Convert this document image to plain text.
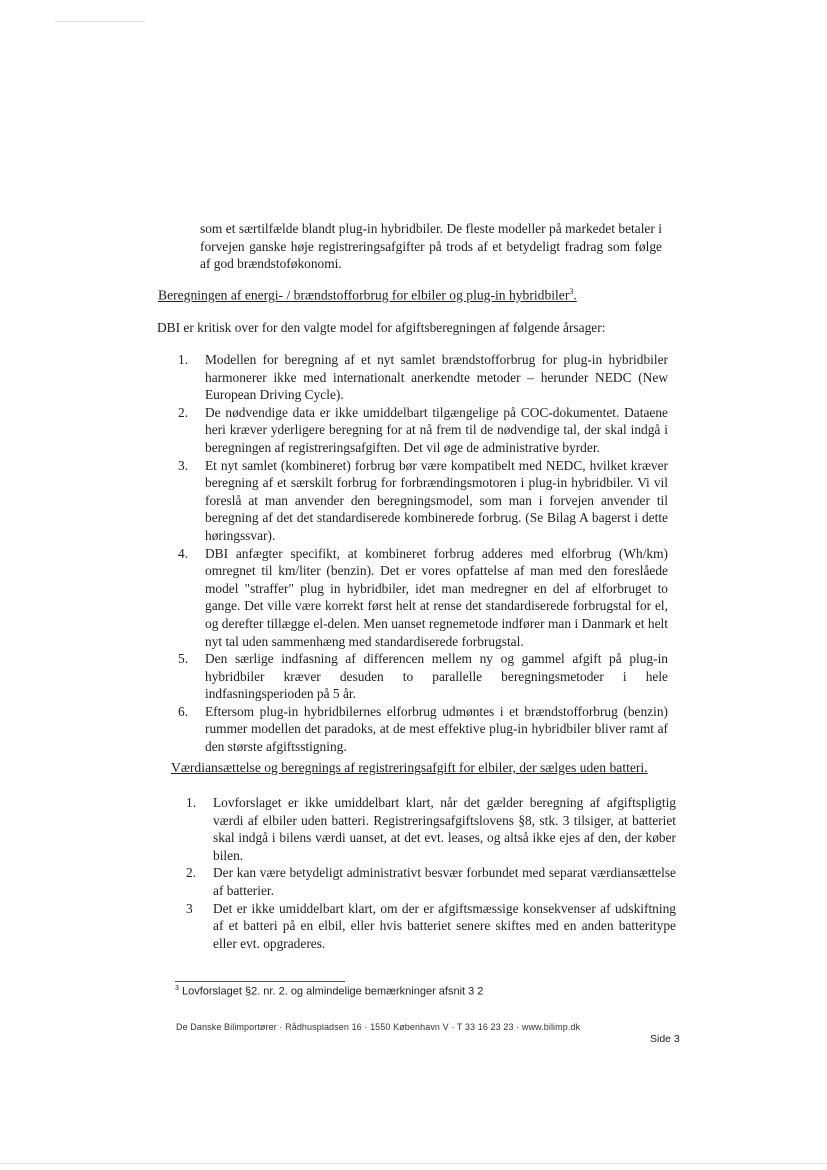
som et særtilfælde blandt plug-in hybridbiler. De fleste modeller på markedet betaler i forvejen ganske høje registreringsafgifter på trods af et betydeligt fradrag som følge af god brændstoføkonomi.

Beregningen af energi- / brændstofforbrug for elbiler og plug-in hybridbiler$^3$.

DBI er kritisk over for den valgte model for afgiftsberegningen af følgende årsager:

1.	Modellen for beregning af et nyt samlet brændstofforbrug for plug-in hybridbiler harmonerer ikke med internationalt anerkendte metoder – herunder NEDC (New European Driving Cycle).
2.	De nødvendige data er ikke umiddelbart tilgængelige på COC-dokumentet. Dataene heri kræver yderligere beregning for at nå frem til de nødvendige tal, der skal indgå i beregningen af registreringsafgiften. Det vil øge de administrative byrder.
3.	Et nyt samlet (kombineret) forbrug bør være kompatibelt med NEDC, hvilket kræver beregning af et særskilt forbrug for forbrændingsmotoren i plug-in hybridbiler. Vi vil foreslå at man anvender den beregningsmodel, som man i forvejen anvender til beregning af det det standardiserede kombinerede forbrug. (Se Bilag A bagerst i dette høringssvar).
4.	DBI anfægter specifikt, at kombineret forbrug adderes med elforbrug (Wh/km) omregnet til km/liter (benzin). Det er vores opfattelse af man med den foreslåede model "straffer" plug in hybridbiler, idet man medregner en del af elforbruget to gange. Det ville være korrekt først helt at rense det standardiserede forbrugstal for el, og derefter tillægge el-delen. Men uanset regnemetode indfører man i Danmark et helt nyt tal uden sammenhæng med standardiserede forbrugstal.
5.	Den særlige indfasning af differencen mellem ny og gammel afgift på plug-in hybridbiler kræver desuden to parallelle beregningsmetoder i hele indfasningsperioden på 5 år.
6.	Eftersom plug-in hybridbilernes elforbrug udmøntes i et brændstofforbrug (benzin) rummer modellen det paradoks, at de mest effektive plug-in hybridbiler bliver ramt af den største afgiftsstigning.

Værdiansættelse og beregnings af registreringsafgift for elbiler, der sælges uden batteri.

1.	Lovforslaget er ikke umiddelbart klart, når det gælder beregning af afgiftspligtig værdi af elbiler uden batteri. Registreringsafgiftslovens §8, stk. 3 tilsiger, at batteriet skal indgå i bilens værdi uanset, at det evt. leases, og altså ikke ejes af den, der køber bilen.
2.	Der kan være betydeligt administrativt besvær forbundet med separat værdiansættelse af batterier.
3	Det er ikke umiddelbart klart, om der er afgiftsmæssige konsekvenser af udskiftning af et batteri på en elbil, eller hvis batteriet senere skiftes med en anden batteritype eller evt. opgraderes.
$^3$ Lovforslaget §2. nr. 2. og almindelige bemærkninger afsnit 3 2
De Danske Bilimportører · Rådhuspladsen 16 · 1550 København V · T 33 16 23 23 · www.bilimp.dk
Side 3
